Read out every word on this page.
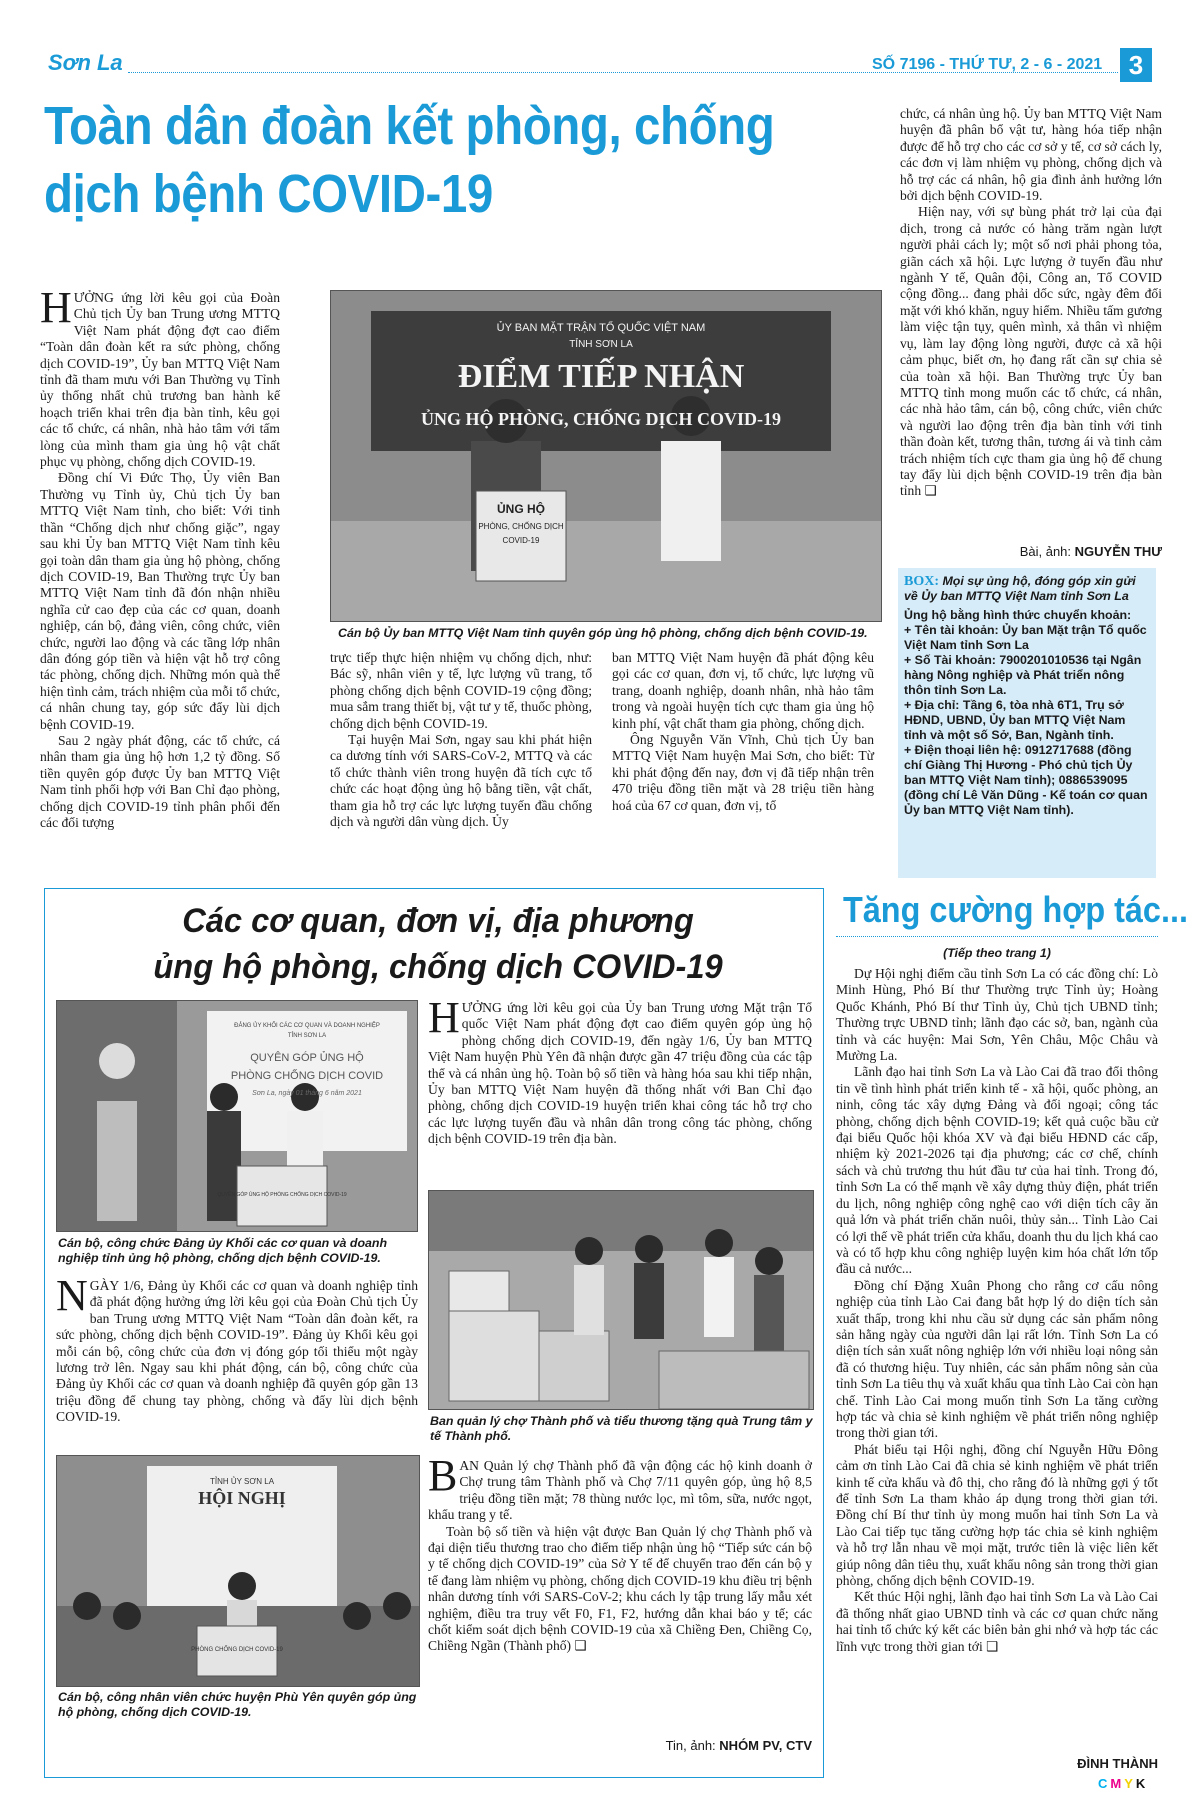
Sơn La	SỐ 7196 - THỨ TƯ, 2 - 6 - 2021	3
Toàn dân đoàn kết phòng, chống
dịch bệnh COVID-19

HƯỞNG ứng lời kêu gọi của Đoàn Chủ tịch Ủy ban Trung ương MTTQ Việt Nam phát động đợt cao điểm “Toàn dân đoàn kết ra sức phòng, chống dịch COVID-19”, Ủy ban MTTQ Việt Nam tỉnh đã tham mưu với Ban Thường vụ Tỉnh ủy thống nhất chủ trương ban hành kế hoạch triển khai trên địa bàn tỉnh, kêu gọi các tổ chức, cá nhân, nhà hảo tâm với tấm lòng của mình tham gia ủng hộ vật chất phục vụ phòng, chống dịch COVID-19.

Đồng chí Vi Đức Thọ, Ủy viên Ban Thường vụ Tỉnh ủy, Chủ tịch Ủy ban MTTQ Việt Nam tỉnh, cho biết: Với tinh thần “Chống dịch như chống giặc”, ngay sau khi Ủy ban MTTQ Việt Nam tỉnh kêu gọi toàn dân tham gia ủng hộ phòng, chống dịch COVID-19, Ban Thường trực Ủy ban MTTQ Việt Nam tỉnh đã đón nhận nhiều nghĩa cử cao đẹp của các cơ quan, doanh nghiệp, cán bộ, đảng viên, công chức, viên chức, người lao động và các tầng lớp nhân dân đóng góp tiền và hiện vật hỗ trợ công tác phòng, chống dịch. Những món quà thể hiện tình cảm, trách nhiệm của mỗi tổ chức, cá nhân chung tay, góp sức đẩy lùi dịch bệnh COVID-19.

Sau 2 ngày phát động, các tổ chức, cá nhân tham gia ủng hộ hơn 1,2 tỷ đồng. Số tiền quyên góp được Ủy ban MTTQ Việt Nam tỉnh phối hợp với Ban Chỉ đạo phòng, chống dịch COVID-19 tỉnh phân phối đến các đối tượng

ỦY BAN MẶT TRẬN TỔ QUỐC VIỆT NAM
TỈNH SƠN LA
ĐIỂM TIẾP NHẬN
ỦNG HỘ PHÒNG, CHỐNG DỊCH COVID-19
ỦNG HỘ
PHÒNG, CHỐNG DỊCH
COVID-19
Cán bộ Ủy ban MTTQ Việt Nam tỉnh quyên góp ủng hộ phòng, chống dịch bệnh COVID-19.

trực tiếp thực hiện nhiệm vụ chống dịch, như: Bác sỹ, nhân viên y tế, lực lượng vũ trang, tổ phòng chống dịch bệnh COVID-19 cộng đồng; mua sắm trang thiết bị, vật tư y tế, thuốc phòng, chống dịch bệnh COVID-19.

Tại huyện Mai Sơn, ngay sau khi phát hiện ca dương tính với SARS-CoV-2, MTTQ và các tổ chức thành viên trong huyện đã tích cực tổ chức các hoạt động ủng hộ bằng tiền, vật chất, tham gia hỗ trợ các lực lượng tuyến đầu chống dịch và người dân vùng dịch. Ủy

ban MTTQ Việt Nam huyện đã phát động kêu gọi các cơ quan, đơn vị, tổ chức, lực lượng vũ trang, doanh nghiệp, doanh nhân, nhà hảo tâm trong và ngoài huyện tích cực tham gia ủng hộ kinh phí, vật chất tham gia phòng, chống dịch.

Ông Nguyễn Văn Vĩnh, Chủ tịch Ủy ban MTTQ Việt Nam huyện Mai Sơn, cho biết: Từ khi phát động đến nay, đơn vị đã tiếp nhận trên 470 triệu đồng tiền mặt và 28 triệu tiền hàng hoá của 67 cơ quan, đơn vị, tổ

chức, cá nhân ủng hộ. Ủy ban MTTQ Việt Nam huyện đã phân bổ vật tư, hàng hóa tiếp nhận được để hỗ trợ cho các cơ sở y tế, cơ sở cách ly, các đơn vị làm nhiệm vụ phòng, chống dịch và hỗ trợ các cá nhân, hộ gia đình ảnh hưởng lớn bởi dịch bệnh COVID-19.

Hiện nay, với sự bùng phát trở lại của đại dịch, trong cả nước có hàng trăm ngàn lượt người phải cách ly; một số nơi phải phong tỏa, giãn cách xã hội. Lực lượng ở tuyến đầu như ngành Y tế, Quân đội, Công an, Tổ COVID cộng đồng... đang phải dốc sức, ngày đêm đối mặt với khó khăn, nguy hiểm. Nhiều tấm gương làm việc tận tụy, quên mình, xả thân vì nhiệm vụ, làm lay động lòng người, được cả xã hội cảm phục, biết ơn, họ đang rất cần sự chia sẻ của toàn xã hội. Ban Thường trực Ủy ban MTTQ tỉnh mong muốn các tổ chức, cá nhân, các nhà hảo tâm, cán bộ, công chức, viên chức và người lao động trên địa bàn tỉnh với tinh thần đoàn kết, tương thân, tương ái và tinh cảm trách nhiệm tích cực tham gia ủng hộ để chung tay đẩy lùi dịch bệnh COVID-19 trên địa bàn tỉnh ❑

Bài, ảnh: NGUYỄN THƯ
BOX: Mọi sự ủng hộ, đóng góp xin gửi về Ủy ban MTTQ Việt Nam tỉnh Sơn La
Ủng hộ bằng hình thức chuyển khoản:
+ Tên tài khoản: Ủy ban Mặt trận Tổ quốc Việt Nam tỉnh Sơn La
+ Số Tài khoản: 7900201010536 tại Ngân hàng Nông nghiệp và Phát triển nông thôn tỉnh Sơn La.
+ Địa chỉ: Tầng 6, tòa nhà 6T1, Trụ sở HĐND, UBND, Ủy ban MTTQ Việt Nam tỉnh và một số Sở, Ban, Ngành tỉnh.
+ Điện thoại liên hệ: 0912717688 (đồng chí Giàng Thị Hương - Phó chủ tịch Ủy ban MTTQ Việt Nam tỉnh); 0886539095 (đồng chí Lê Văn Dũng - Kế toán cơ quan Ủy ban MTTQ Việt Nam tỉnh).
Các cơ quan, đơn vị, địa phương
ủng hộ phòng, chống dịch COVID-19
ĐẢNG ỦY KHỐI CÁC CƠ QUAN VÀ DOANH NGHIỆP
TỈNH SƠN LA
QUYÊN GÓP ỦNG HỘ
PHÒNG CHỐNG DỊCH COVID
Sơn La, ngày 01 tháng 6 năm 2021
QUYÊN GÓP ỦNG HỘ PHÒNG CHỐNG DỊCH COVID-19
Cán bộ, công chức Đảng ủy Khối các cơ quan và doanh nghiệp tỉnh ủng hộ phòng, chống dịch bệnh COVID-19.

HƯỞNG ứng lời kêu gọi của Ủy ban Trung ương Mặt trận Tổ quốc Việt Nam phát động đợt cao điểm quyên góp ủng hộ phòng chống dịch COVID-19, đến ngày 1/6, Ủy ban MTTQ Việt Nam huyện Phù Yên đã nhận được gần 47 triệu đồng của các tập thể và cá nhân ủng hộ. Toàn bộ số tiền và hàng hóa sau khi tiếp nhận, Ủy ban MTTQ Việt Nam huyện đã thống nhất với Ban Chỉ đạo phòng, chống dịch COVID-19 huyện triển khai công tác hỗ trợ cho các lực lượng tuyến đầu và nhân dân trong công tác phòng, chống dịch bệnh COVID-19 trên địa bàn.

NGÀY 1/6, Đảng ủy Khối các cơ quan và doanh nghiệp tỉnh đã phát động hưởng ứng lời kêu gọi của Đoàn Chủ tịch Ủy ban Trung ương MTTQ Việt Nam “Toàn dân đoàn kết, ra sức phòng, chống dịch bệnh COVID-19”. Đảng ủy Khối kêu gọi mỗi cán bộ, công chức của đơn vị đóng góp tối thiểu một ngày lương trở lên. Ngay sau khi phát động, cán bộ, công chức của Đảng ủy Khối các cơ quan và doanh nghiệp đã quyên góp gần 13 triệu đồng để chung tay phòng, chống và đẩy lùi dịch bệnh COVID-19.	Ban quản lý chợ Thành phố và tiểu thương tặng quà Trung tâm y tế Thành phố.
TỈNH ỦY SƠN LA
HỘI NGHỊ
PHÒNG CHỐNG DỊCH COVID-19
Cán bộ, công nhân viên chức huyện Phù Yên quyên góp ủng hộ phòng, chống dịch COVID-19.

BAN Quản lý chợ Thành phố đã vận động các hộ kinh doanh ở Chợ trung tâm Thành phố và Chợ 7/11 quyên góp, ủng hộ 8,5 triệu đồng tiền mặt; 78 thùng nước lọc, mì tôm, sữa, nước ngọt, khẩu trang y tế.

Toàn bộ số tiền và hiện vật được Ban Quản lý chợ Thành phố và đại diện tiểu thương trao cho điểm tiếp nhận ủng hộ “Tiếp sức cán bộ y tế chống dịch COVID-19” của Sở Y tế để chuyển trao đến cán bộ y tế đang làm nhiệm vụ phòng, chống dịch COVID-19 khu điều trị bệnh nhân dương tính với SARS-CoV-2; khu cách ly tập trung lấy mẫu xét nghiệm, điều tra truy vết F0, F1, F2, hướng dẫn khai báo y tế; các chốt kiểm soát dịch bệnh COVID-19 của xã Chiềng Đen, Chiềng Cọ, Chiềng Ngần (Thành phố) ❑

Tin, ảnh: NHÓM PV, CTV
Tăng cường hợp tác...
(Tiếp theo trang 1)

Dự Hội nghị điểm cầu tỉnh Sơn La có các đồng chí: Lò Minh Hùng, Phó Bí thư Thường trực Tỉnh ủy; Hoàng Quốc Khánh, Phó Bí thư Tỉnh ủy, Chủ tịch UBND tỉnh; Thường trực UBND tỉnh; lãnh đạo các sở, ban, ngành của tỉnh và các huyện: Mai Sơn, Yên Châu, Mộc Châu và Mường La.

Lãnh đạo hai tỉnh Sơn La và Lào Cai đã trao đổi thông tin về tình hình phát triển kinh tế - xã hội, quốc phòng, an ninh, công tác xây dựng Đảng và đối ngoại; công tác phòng, chống dịch bệnh COVID-19; kết quả cuộc bầu cử đại biểu Quốc hội khóa XV và đại biểu HĐND các cấp, nhiệm kỳ 2021-2026 tại địa phương; các cơ chế, chính sách và chủ trương thu hút đầu tư của hai tỉnh. Trong đó, tỉnh Sơn La có thế mạnh về xây dựng thủy điện, phát triển du lịch, nông nghiệp công nghệ cao với diện tích cây ăn quả lớn và phát triển chăn nuôi, thủy sản... Tỉnh Lào Cai có lợi thế về phát triển cửa khẩu, doanh thu du lịch khá cao và có tổ hợp khu công nghiệp luyện kim hóa chất lớn tốp đầu cả nước...

Đồng chí Đặng Xuân Phong cho rằng cơ cấu nông nghiệp của tỉnh Lào Cai đang bắt hợp lý do diện tích sản xuất thấp, trong khi nhu cầu sử dụng các sản phẩm nông sản hằng ngày của người dân lại rất lớn. Tỉnh Sơn La có diện tích sản xuất nông nghiệp lớn với nhiều loại nông sản đã có thương hiệu. Tuy nhiên, các sản phẩm nông sản của tỉnh Sơn La tiêu thụ và xuất khẩu qua tỉnh Lào Cai còn hạn chế. Tỉnh Lào Cai mong muốn tỉnh Sơn La tăng cường hợp tác và chia sẻ kinh nghiệm về phát triển nông nghiệp trong thời gian tới.

Phát biểu tại Hội nghị, đồng chí Nguyễn Hữu Đông cảm ơn tỉnh Lào Cai đã chia sẻ kinh nghiệm về phát triển kinh tế cửa khẩu và đô thị, cho rằng đó là những gợi ý tốt để tỉnh Sơn La tham khảo áp dụng trong thời gian tới. Đồng chí Bí thư tỉnh ủy mong muốn hai tỉnh Sơn La và Lào Cai tiếp tục tăng cường hợp tác chia sẻ kinh nghiệm và hỗ trợ lẫn nhau về mọi mặt, trước tiên là việc liên kết giúp nông dân tiêu thụ, xuất khẩu nông sản trong thời gian phòng, chống dịch bệnh COVID-19.

Kết thúc Hội nghị, lãnh đạo hai tỉnh Sơn La và Lào Cai đã thống nhất giao UBND tỉnh và các cơ quan chức năng hai tỉnh tổ chức ký kết các biên bản ghi nhớ và hợp tác các lĩnh vực trong thời gian tới ❑

ĐÌNH THÀNH
CMYK
